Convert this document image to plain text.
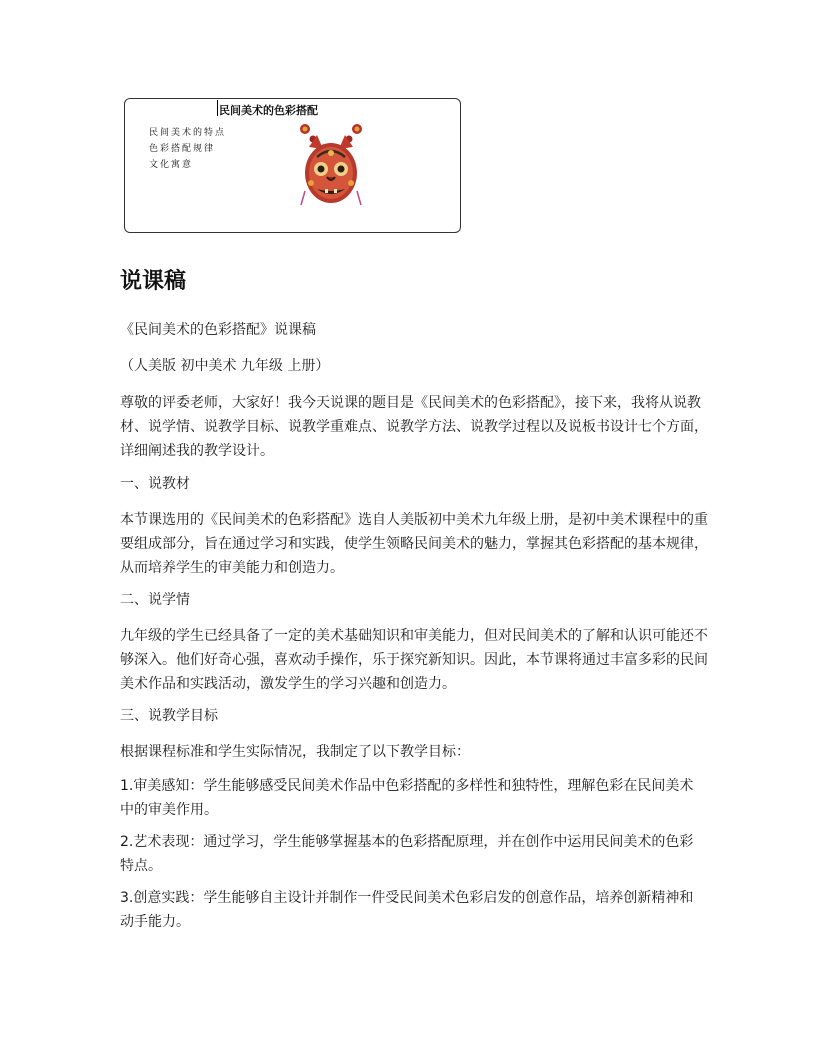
民间美术的色彩搭配
民间美术的特点
色彩搭配规律
文化寓意
说课稿

《民间美术的色彩搭配》说课稿

（人美版 初中美术 九年级 上册）

尊敬的评委老师，大家好！我今天说课的题目是《民间美术的色彩搭配》，接下来，我将从说教材、说学情、说教学目标、说教学重难点、说教学方法、说教学过程以及说板书设计七个方面，详细阐述我的教学设计。

一、说教材

本节课选用的《民间美术的色彩搭配》选自人美版初中美术九年级上册，是初中美术课程中的重要组成部分，旨在通过学习和实践，使学生领略民间美术的魅力，掌握其色彩搭配的基本规律，从而培养学生的审美能力和创造力。

二、说学情

九年级的学生已经具备了一定的美术基础知识和审美能力，但对民间美术的了解和认识可能还不够深入。他们好奇心强，喜欢动手操作，乐于探究新知识。因此，本节课将通过丰富多彩的民间美术作品和实践活动，激发学生的学习兴趣和创造力。

三、说教学目标

根据课程标准和学生实际情况，我制定了以下教学目标：

1.审美感知：学生能够感受民间美术作品中色彩搭配的多样性和独特性，理解色彩在民间美术中的审美作用。

2.艺术表现：通过学习，学生能够掌握基本的色彩搭配原理，并在创作中运用民间美术的色彩特点。

3.创意实践：学生能够自主设计并制作一件受民间美术色彩启发的创意作品，培养创新精神和动手能力。
